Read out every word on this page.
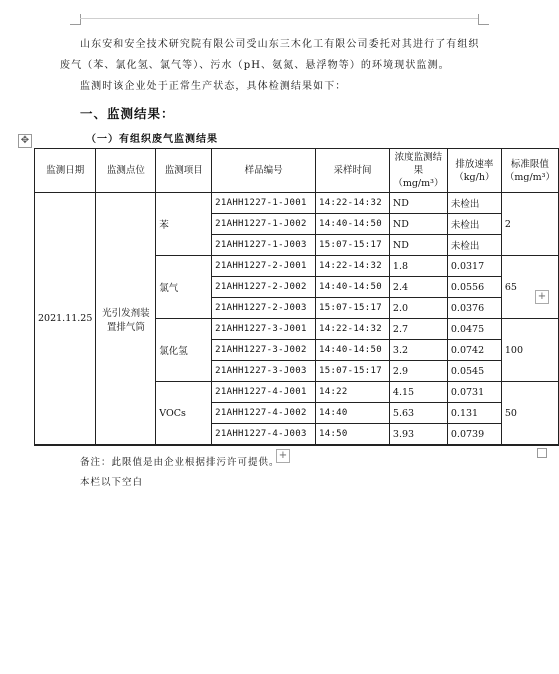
山东安和安全技术研究院有限公司受山东三木化工有限公司委托对其进行了有组织废气（苯、氯化氢、氯气等）、污水（pH、氨氮、悬浮物等）的环境现状监测。
监测时该企业处于正常生产状态，具体检测结果如下：
一、监测结果：
（一）有组织废气监测结果
✥
监测日期	监测点位	监测项目	样品编号	采样时间	浓度监测结果（mg/m³）	排放速率（kg/h）	标准限值（mg/m³）
2021.11.25	光引发剂装置排气筒	苯	21AHH1227-1-J001	14:22-14:32	ND	未检出	2
			21AHH1227-1-J002	14:40-14:50	ND	未检出	
			21AHH1227-1-J003	15:07-15:17	ND	未检出	
		氯气	21AHH1227-2-J001	14:22-14:32	1.8	0.0317	65
			21AHH1227-2-J002	14:40-14:50	2.4	0.0556	
			21AHH1227-2-J003	15:07-15:17	2.0	0.0376	
		氯化氢	21AHH1227-3-J001	14:22-14:32	2.7	0.0475	100
			21AHH1227-3-J002	14:40-14:50	3.2	0.0742	
			21AHH1227-3-J003	15:07-15:17	2.9	0.0545	
		VOCs	21AHH1227-4-J001	14:22	4.15	0.0731	50
			21AHH1227-4-J002	14:40	5.63	0.131	
			21AHH1227-4-J003	14:50	3.93	0.0739	
+
+
备注：此限值是由企业根据排污许可提供。
本栏以下空白
